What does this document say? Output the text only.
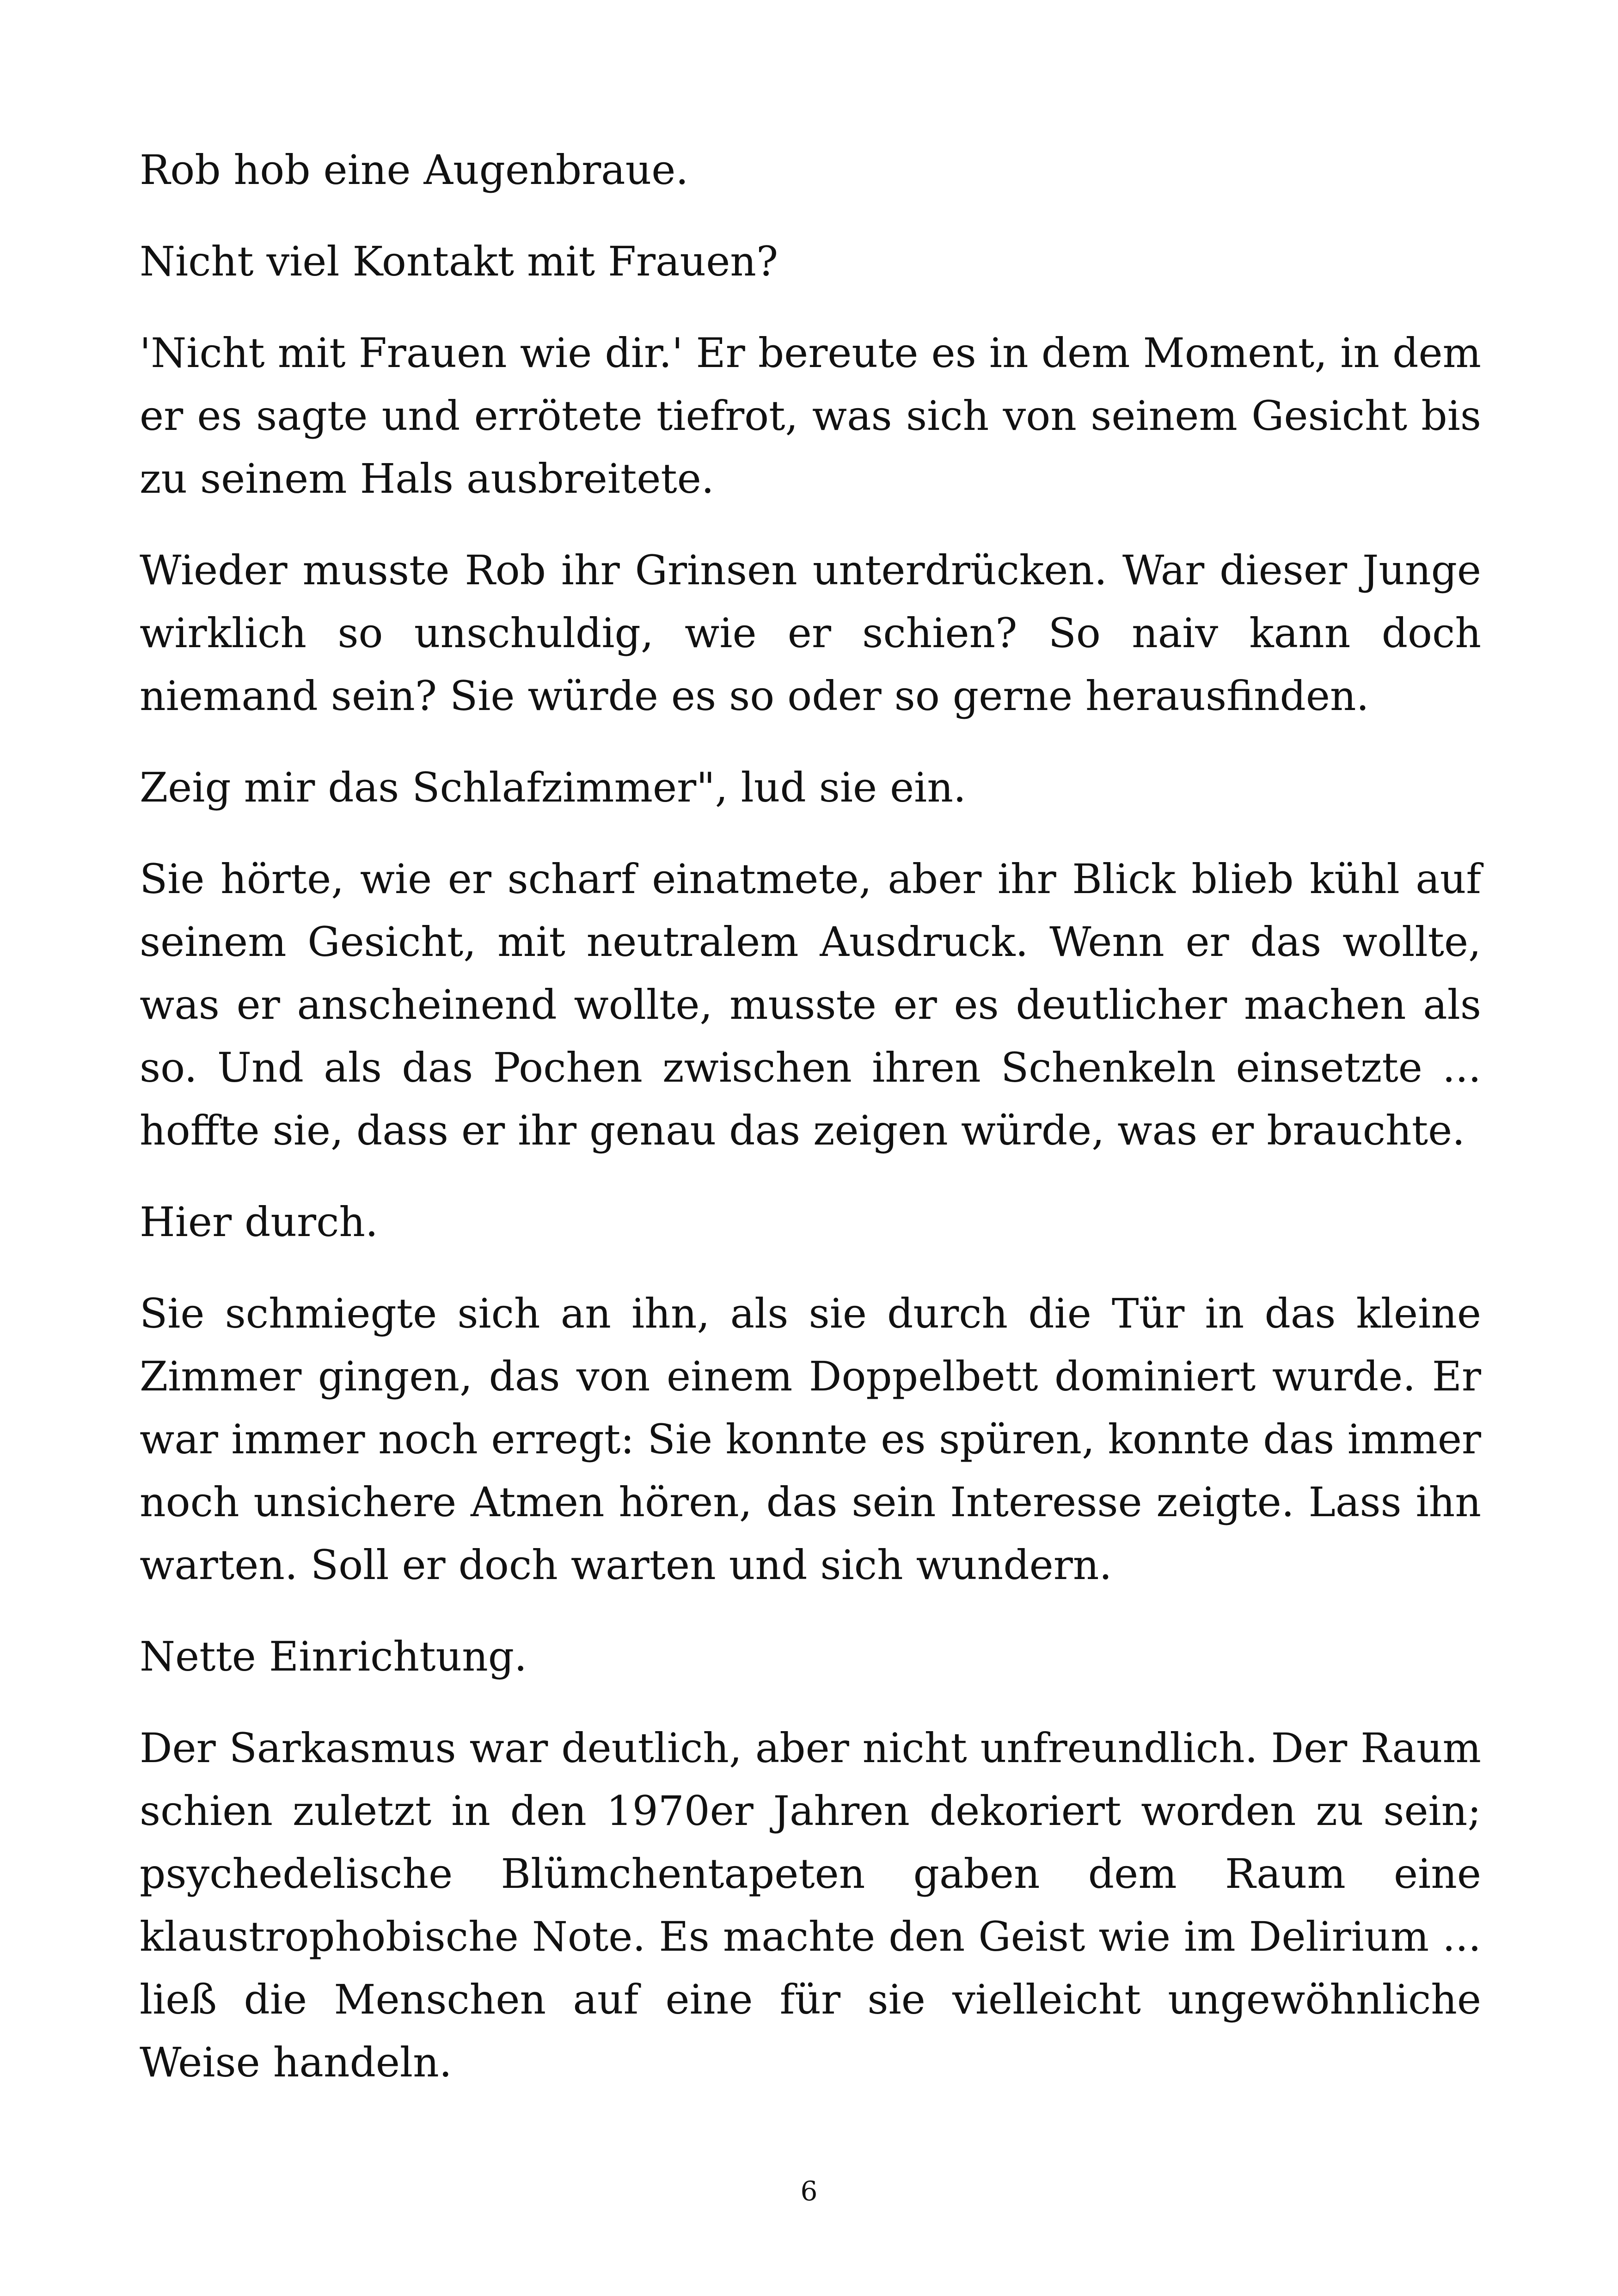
Rob hob eine Augenbraue.

Nicht viel Kontakt mit Frauen?

'Nicht mit Frauen wie dir.' Er bereute es in dem Moment, in dem er es sagte und errötete tiefrot, was sich von seinem Gesicht bis zu seinem Hals ausbreitete.

Wieder musste Rob ihr Grinsen unterdrücken. War dieser Junge wirklich so unschuldig, wie er schien? So naiv kann doch niemand sein? Sie würde es so oder so gerne herausfinden.

Zeig mir das Schlafzimmer", lud sie ein.

Sie hörte, wie er scharf einatmete, aber ihr Blick blieb kühl auf seinem Gesicht, mit neutralem Ausdruck. Wenn er das wollte, was er anscheinend wollte, musste er es deutlicher machen als so. Und als das Pochen zwischen ihren Schenkeln einsetzte ... hoffte sie, dass er ihr genau das zeigen würde, was er brauchte.

Hier durch.

Sie schmiegte sich an ihn, als sie durch die Tür in das kleine Zimmer gingen, das von einem Doppelbett dominiert wurde. Er war immer noch erregt: Sie konnte es spüren, konnte das immer noch unsichere Atmen hören, das sein Interesse zeigte. Lass ihn warten. Soll er doch warten und sich wundern.

Nette Einrichtung.

Der Sarkasmus war deutlich, aber nicht unfreundlich. Der Raum schien zuletzt in den 1970er Jahren dekoriert worden zu sein; psychedelische Blümchentapeten gaben dem Raum eine klaustrophobische Note. Es machte den Geist wie im Delirium ... ließ die Menschen auf eine für sie vielleicht ungewöhnliche Weise handeln.

6
